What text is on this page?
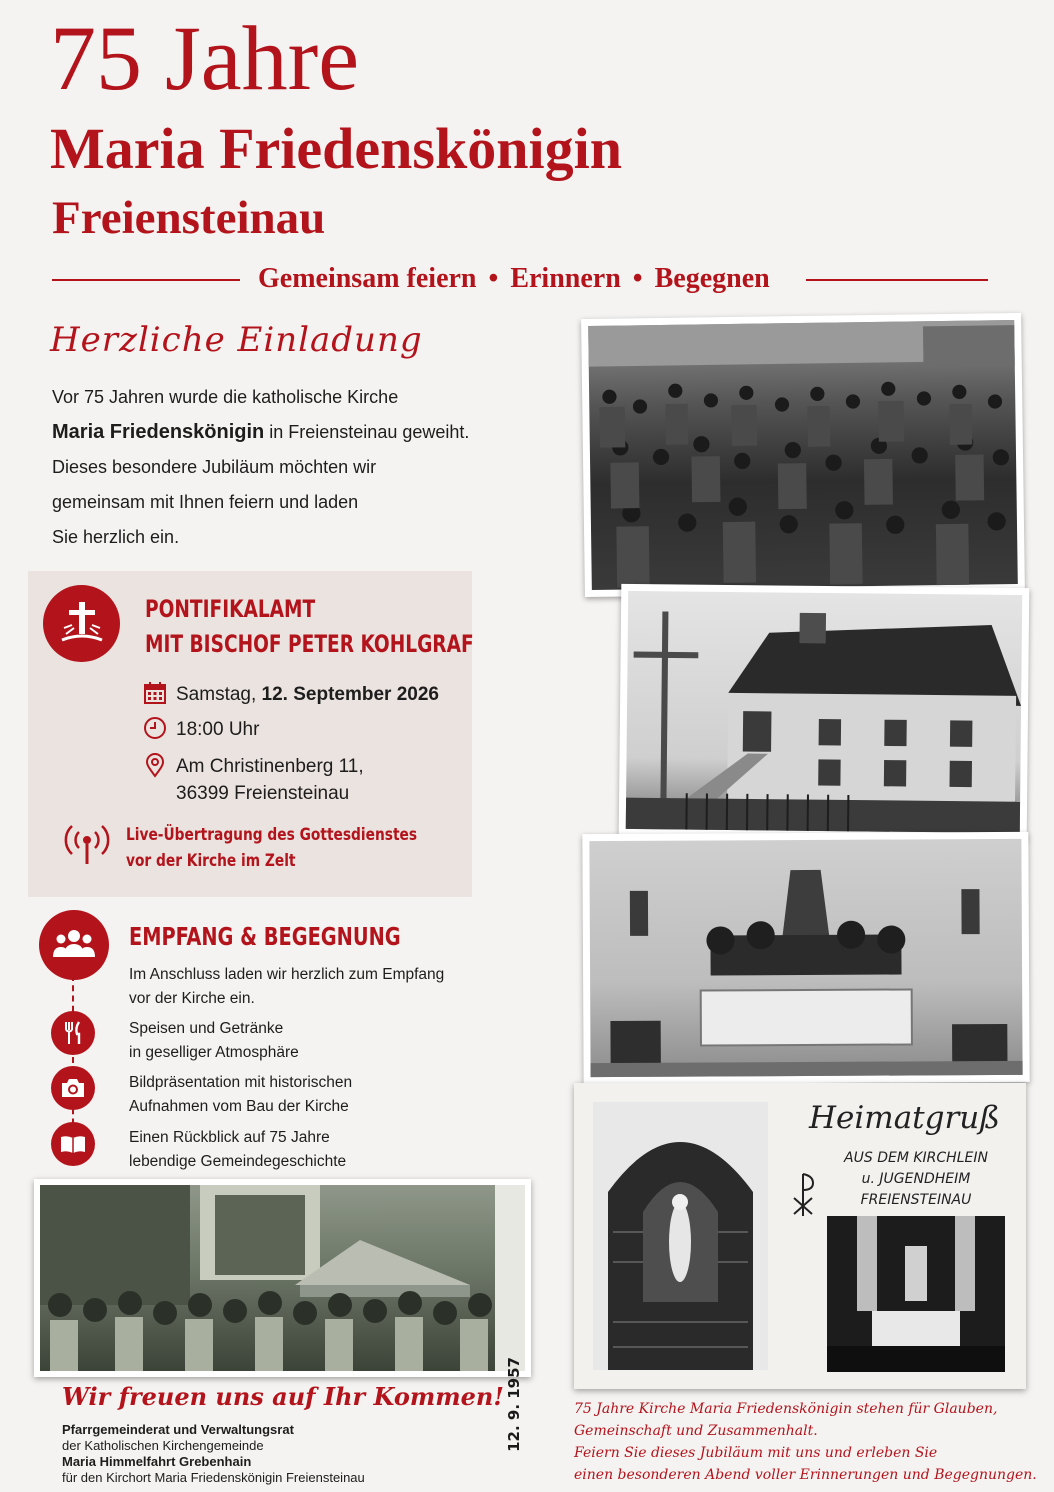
75 Jahre
Maria Friedenskönigin
Freiensteinau
Gemeinsam feiern • Erinnern • Begegnen
Herzliche Einladung
Vor 75 Jahren wurde die katholische Kirche
Maria Friedenskönigin in Freiensteinau geweiht.
Dieses besondere Jubiläum möchten wir
gemeinsam mit Ihnen feiern und laden
Sie herzlich ein.
PONTIFIKALAMT
MIT BISCHOF PETER KOHLGRAF
Samstag, 12. September 2026
18:00 Uhr
Am Christinenberg 11,
36399 Freiensteinau
Live-Übertragung des Gottesdienstes
vor der Kirche im Zelt
EMPFANG & BEGEGNUNG
Im Anschluss laden wir herzlich zum Empfang
vor der Kirche ein.
Speisen und Getränke
in geselliger Atmosphäre
Bildpräsentation mit historischen
Aufnahmen vom Bau der Kirche
Einen Rückblick auf 75 Jahre
lebendige Gemeindegeschichte
Heimatgruß
AUS DEM KIRCHLEIN
u. JUGENDHEIM
FREIENSTEINAU
12. 9. 1957
Wir freuen uns auf Ihr Kommen!
Pfarrgemeinderat und Verwaltungsrat
der Katholischen Kirchengemeinde
Maria Himmelfahrt Grebenhain
für den Kirchort Maria Friedenskönigin Freiensteinau
75 Jahre Kirche Maria Friedenskönigin stehen für Glauben,
Gemeinschaft und Zusammenhalt.
Feiern Sie dieses Jubiläum mit uns und erleben Sie
einen besonderen Abend voller Erinnerungen und Begegnungen.
